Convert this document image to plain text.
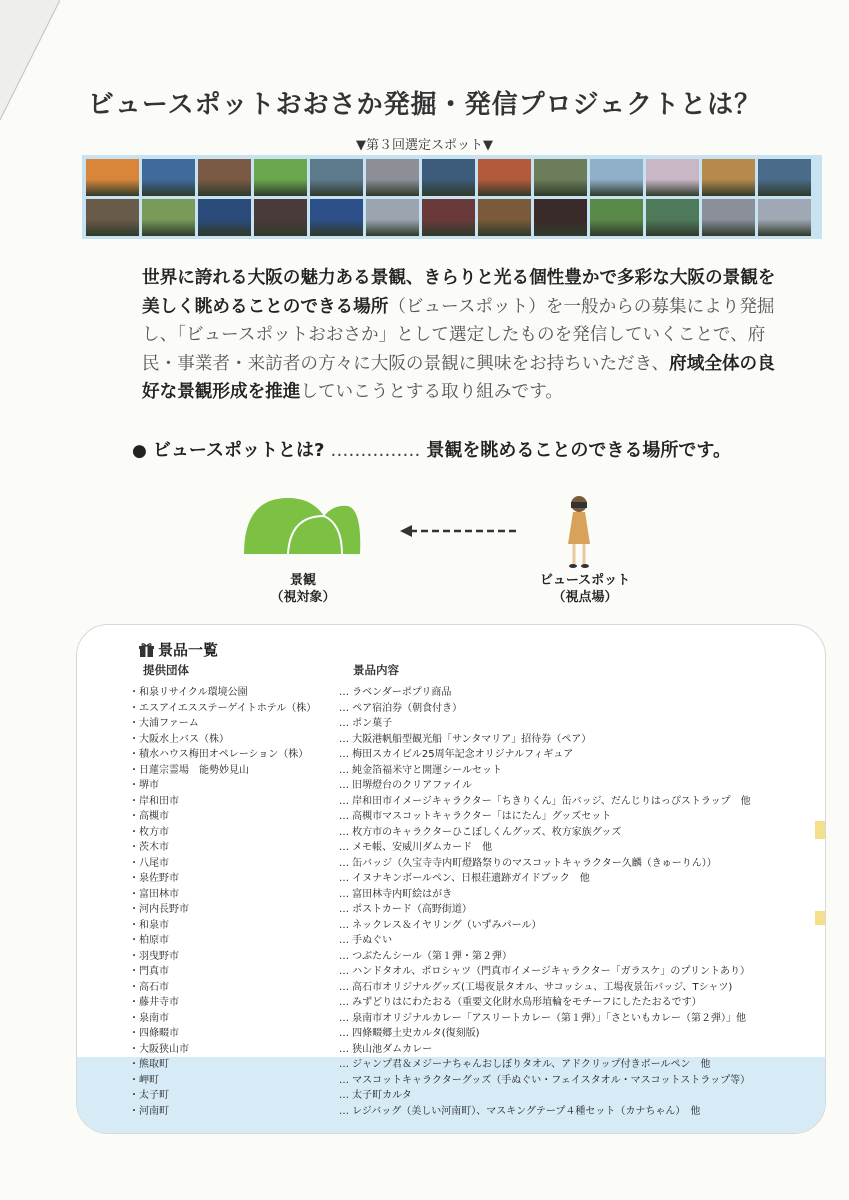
ビュースポットおおさか発掘・発信プロジェクトとは？
▼第３回選定スポット▼
世界に誇れる大阪の魅力ある景観、きらりと光る個性豊かで多彩な大阪の景観を美しく眺めることのできる場所（ビュースポット）を一般からの募集により発掘し、「ビュースポットおおさか」として選定したものを発信していくことで、府民・事業者・来訪者の方々に大阪の景観に興味をお持ちいただき、府域全体の良好な景観形成を推進していこうとする取り組みです。
● ビュースポットとは? …………… 景観を眺めることのできる場所です。
景観
（視対象）
ビュースポット
（視点場）
景品一覧
提供団体	景品内容
・和泉リサイクル環境公園	… ラベンダーポプリ商品
・エスアイエスステーゲイトホテル（株） … ペア宿泊券（朝食付き）
・大浦ファーム	… ポン菓子
・大阪水上バス（株）	… 大阪港帆船型観光船「サンタマリア」招待券（ペア）
・積水ハウス梅田オペレーション（株）	… 梅田スカイビル25周年記念オリジナルフィギュア
・日蓮宗霊場　能勢妙見山	… 純金箔福米守と開運シールセット
・堺市	… 旧堺燈台のクリアファイル
・岸和田市	… 岸和田市イメージキャラクター「ちきりくん」缶バッジ、だんじりはっぴストラップ　他
・高槻市	… 高槻市マスコットキャラクター「はにたん」グッズセット
・枚方市	… 枚方市のキャラクターひこぼしくんグッズ、枚方家族グッズ
・茨木市	… メモ帳、安威川ダムカード　他
・八尾市	… 缶バッジ（久宝寺寺内町燈路祭りのマスコットキャラクター久麟（きゅーりん））
・泉佐野市	… イヌナキンボールペン、日根荘遺跡ガイドブック　他
・富田林市	… 富田林寺内町絵はがき
・河内長野市	… ポストカード（高野街道）
・和泉市	… ネックレス＆イヤリング（いずみパール）
・柏原市	… 手ぬぐい
・羽曳野市	… つぶたんシール（第１弾・第２弾）
・門真市	… ハンドタオル、ポロシャツ（門真市イメージキャラクター「ガラスケ」のプリントあり）
・高石市	… 高石市オリジナルグッズ(工場夜景タオル、サコッシュ、工場夜景缶バッジ、Tシャツ)
・藤井寺市	… みずどりはにわたおる（重要文化財水鳥形埴輪をモチーフにしたたおるです）
・泉南市	… 泉南市オリジナルカレー「アスリートカレー（第１弾）」「さといもカレー（第２弾）」他
・四條畷市	… 四條畷郷土史カルタ(復刻版)
・大阪狭山市	… 狭山池ダムカレー
・熊取町	… ジャンプ君＆メジーナちゃんおしぼりタオル、アドクリップ付きボールペン　他
・岬町	… マスコットキャラクターグッズ（手ぬぐい・フェイスタオル・マスコットストラップ等）
・太子町	… 太子町カルタ
・河南町	… レジバッグ（美しい河南町）、マスキングテープ４種セット（カナちゃん）　他
